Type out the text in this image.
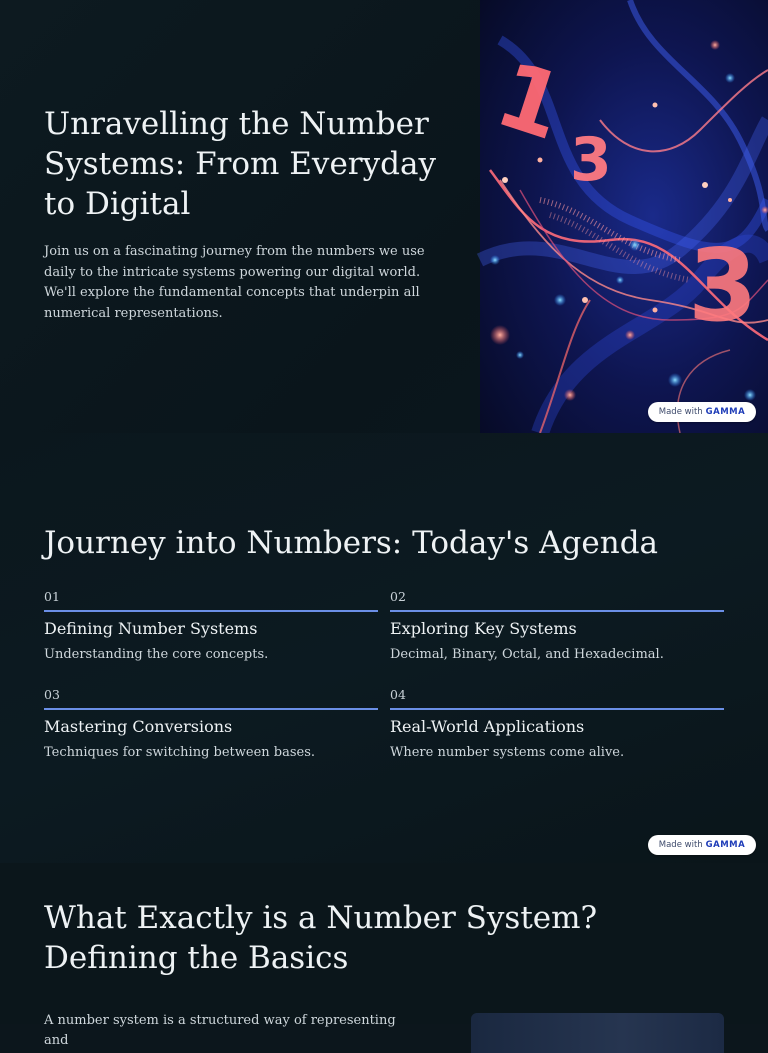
Unravelling the Number Systems: From Everyday to Digital

Join us on a fascinating journey from the numbers we use daily to the intricate systems powering our digital world. We'll explore the fundamental concepts that underpin all numerical representations.

1
3
3
Made with GAMMA
Journey into Numbers: Today's Agenda
01
Defining Number Systems
Understanding the core concepts.
02
Exploring Key Systems
Decimal, Binary, Octal, and Hexadecimal.
03
Mastering Conversions
Techniques for switching between bases.
04
Real-World Applications
Where number systems come alive.
Made with GAMMA
What Exactly is a Number System? Defining the Basics

A number system is a structured way of representing and
